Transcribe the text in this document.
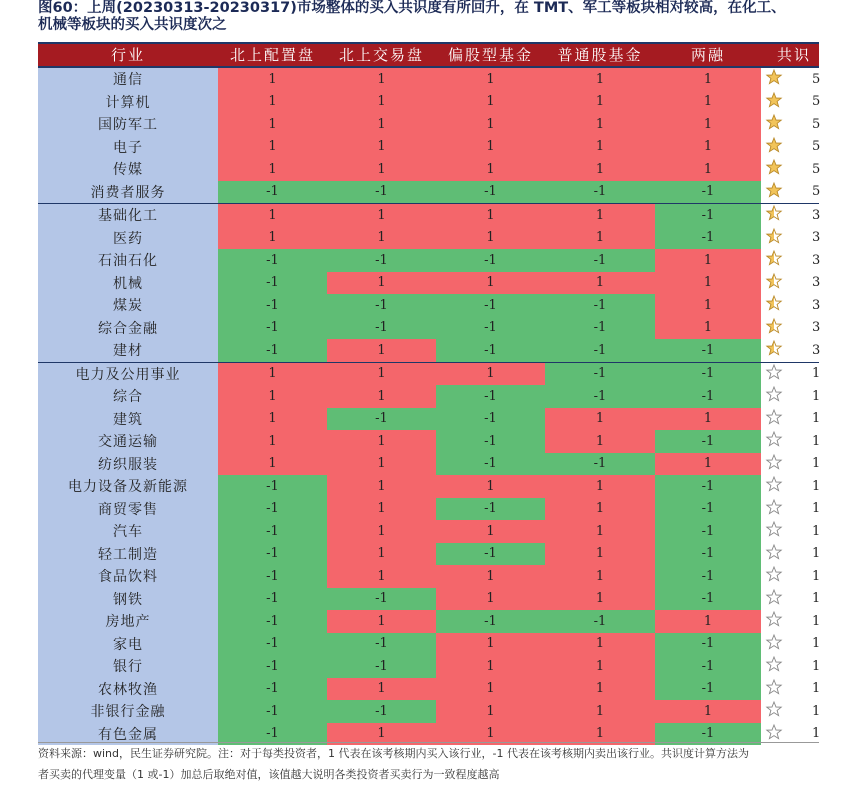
图60：上周(20230313-20230317)市场整体的买入共识度有所回升，在 TMT、军工等板块相对较高，在化工、
机械等板块的买入共识度次之
行业	北上配置盘	北上交易盘	偏股型基金	普通股基金	两融	共识
通信	1	1	1	1	1	5
计算机	1	1	1	1	1	5
国防军工	1	1	1	1	1	5
电子	1	1	1	1	1	5
传媒	1	1	1	1	1	5
消费者服务	-1	-1	-1	-1	-1	5
基础化工	1	1	1	1	-1	3
医药	1	1	1	1	-1	3
石油石化	-1	-1	-1	-1	1	3
机械	-1	1	1	1	1	3
煤炭	-1	-1	-1	-1	1	3
综合金融	-1	-1	-1	-1	1	3
建材	-1	1	-1	-1	-1	3
电力及公用事业	1	1	1	-1	-1	1
综合	1	1	-1	-1	-1	1
建筑	1	-1	-1	1	1	1
交通运输	1	1	-1	1	-1	1
纺织服装	1	1	-1	-1	1	1
电力设备及新能源	-1	1	1	1	-1	1
商贸零售	-1	1	-1	1	-1	1
汽车	-1	1	1	1	-1	1
轻工制造	-1	1	-1	1	-1	1
食品饮料	-1	1	1	1	-1	1
钢铁	-1	-1	1	1	-1	1
房地产	-1	1	-1	-1	1	1
家电	-1	-1	1	1	-1	1
银行	-1	-1	1	1	-1	1
农林牧渔	-1	1	1	1	-1	1
非银行金融	-1	-1	1	1	1	1
有色金属	-1	1	1	1	-1	1
资料来源：wind，民生证券研究院。注：对于每类投资者，1 代表在该考核期内买入该行业，-1 代表在该考核期内卖出该行业。共识度计算方法为
者买卖的代理变量（1 或-1）加总后取绝对值，该值越大说明各类投资者买卖行为一致程度越高
